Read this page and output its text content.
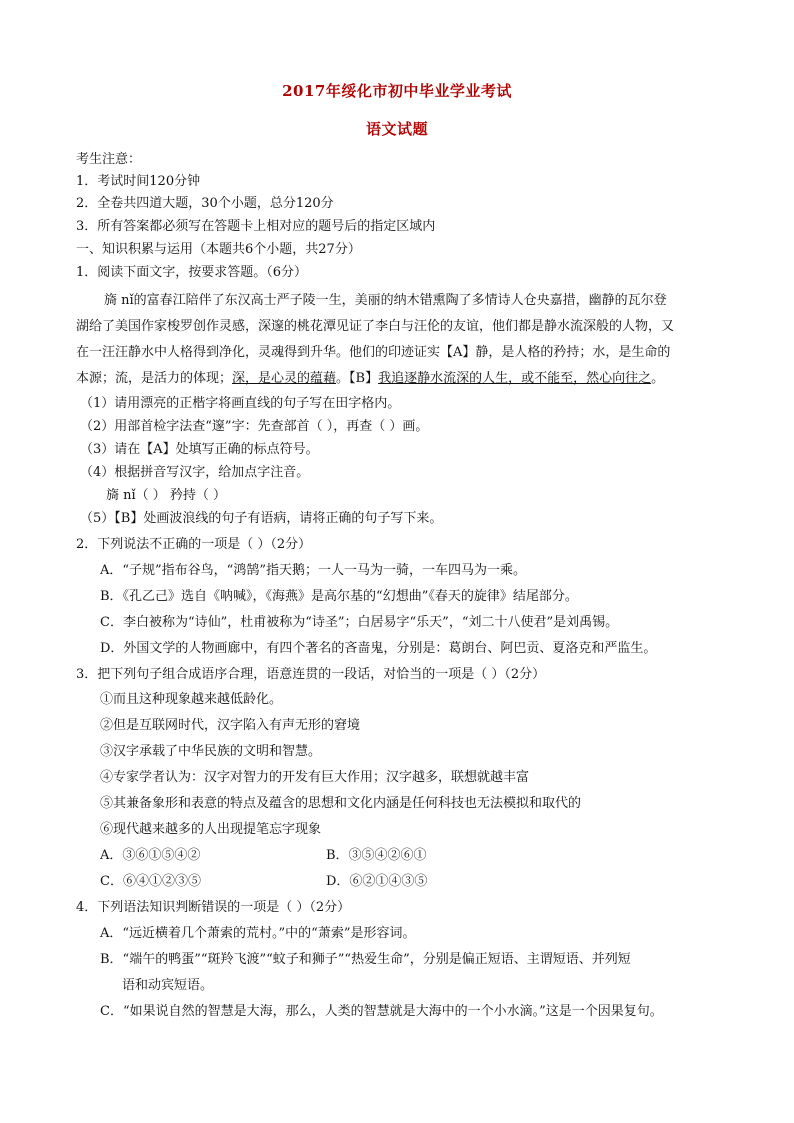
2017年绥化市初中毕业学业考试
语文试题
考生注意：
1．考试时间120分钟
2．全卷共四道大题，30个小题，总分120分
3．所有答案都必须写在答题卡上相对应的题号后的指定区域内
一、知识积累与运用（本题共6个小题，共27分）
1．阅读下面文字，按要求答题。（6分）
旖 nǐ的富春江陪伴了东汉高士严子陵一生，美丽的纳木错熏陶了多情诗人仓央嘉措，幽静的瓦尔登
湖给了美国作家梭罗创作灵感，深邃的桃花潭见证了李白与汪伦的友谊，他们都是静水流深般的人物，又
在一汪汪静水中人格得到净化，灵魂得到升华。他们的印迹证实【A】静，是人格的矜持；水，是生命的
本源；流，是活力的体现；深，是心灵的蕴藉。【B】我追逐静水流深的人生，或不能至，然心向往之。
（1）请用漂亮的正楷字将画直线的句子写在田字格内。
（2）用部首检字法查“邃”字：先查部首（ ），再查（ ）画。
（3）请在【A】处填写正确的标点符号。
（4）根据拼音写汉字，给加点字注音。
旖 nǐ（ ） 矜持（ ）
（5）【B】处画波浪线的句子有语病，请将正确的句子写下来。
2．下列说法不正确的一项是（ ）（2分）
A．“子规”指布谷鸟，“鸿鹄”指天鹅；一人一马为一骑，一车四马为一乘。
B．《孔乙己》选自《呐喊》，《海燕》是高尔基的“幻想曲”《春天的旋律》结尾部分。
C．李白被称为“诗仙”，杜甫被称为“诗圣”；白居易字“乐天”，“刘二十八使君”是刘禹锡。
D．外国文学的人物画廊中，有四个著名的吝啬鬼，分别是：葛朗台、阿巴贡、夏洛克和严监生。
3．把下列句子组合成语序合理，语意连贯的一段话，对恰当的一项是（ ）（2分）
①而且这种现象越来越低龄化。
②但是互联网时代，汉字陷入有声无形的窘境
③汉字承载了中华民族的文明和智慧。
④专家学者认为：汉字对智力的开发有巨大作用；汉字越多，联想就越丰富
⑤其兼备象形和表意的特点及蕴含的思想和文化内涵是任何科技也无法模拟和取代的
⑥现代越来越多的人出现提笔忘字现象
A．③⑥①⑤④②	B．③⑤④②⑥①
C．⑥④①②③⑤	D．⑥②①④③⑤
4．下列语法知识判断错误的一项是（ ）（2分）
A．“远近横着几个萧索的荒村。”中的“萧索”是形容词。
B．“端午的鸭蛋”“斑羚飞渡”“蚊子和狮子”“热爱生命”，分别是偏正短语、主谓短语、并列短
语和动宾短语。
C．“如果说自然的智慧是大海，那么，人类的智慧就是大海中的一个小水滴。”这是一个因果复句。
